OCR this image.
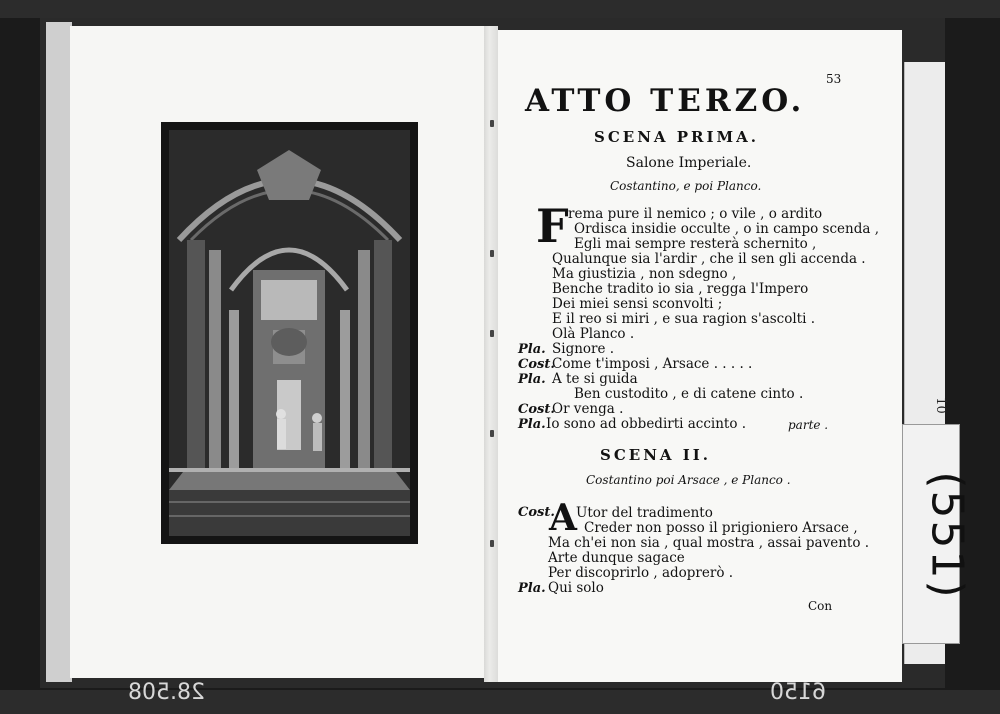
53
ATTO TERZO.
SCENA PRIMA.
Salone Imperiale.
Costantino, e poi Planco.
F rema pure il nemico ; o vile , o ardito
Ordisca insidie occulte , o in campo scenda ,
Egli mai sempre resterà schernito ,
Qualunque sia l'ardir , che il sen gli accenda .
Ma giustizia , non sdegno ,
Benche tradito io sia , regga l'Impero
Dei miei sensi sconvolti ;
E il reo si miri , e sua ragion s'ascolti .
Olà Planco .
Pla. Signore .
Cost.
Come t'imposi , Arsace . . . . .
Pla. A te si guida
Ben custodito , e di catene cinto .
Cost.
Or venga .
Pla. Io sono ad obbedirti accinto .	parte .
SCENA II.
Costantino poi Arsace , e Planco .
Cost.
A Utor del tradimento
Creder non posso il prigioniero Arsace ,
Ma ch'ei non sia , qual mostra , assai pavento .
Arte dunque sagace
Per discoprirlo , adoprerò .
Pla. Qui solo
Con
10
(551)
28.508	6150
